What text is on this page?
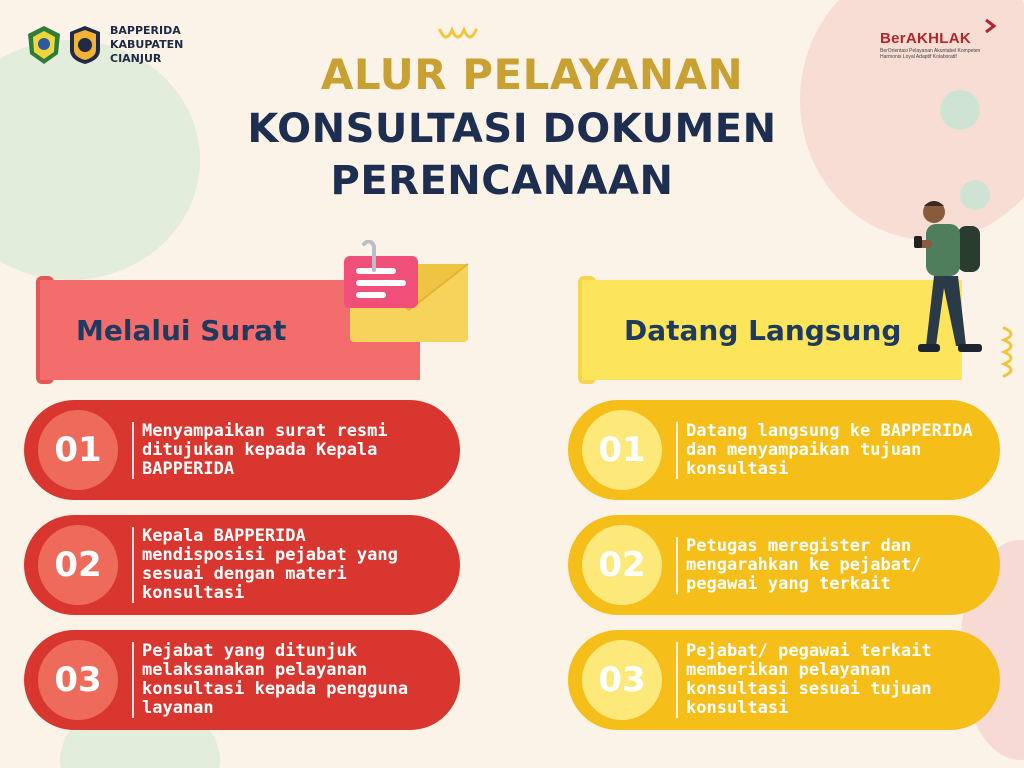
BAPPERIDA
KABUPATEN
CIANJUR
BerAKHLAK
BerOrientasi Pelayanan Akuntabel Kompeten Harmonis Loyal Adaptif Kolaboratif
ALUR PELAYANAN
KONSULTASI DOKUMEN
PERENCANAAN
Melalui Surat	Datang Langsung
01	Menyampaikan surat resmi ditujukan kepada Kepala BAPPERIDA
02
Kepala BAPPERIDA mendisposisi pejabat yang sesuai dengan materi konsultasi
03
Pejabat yang ditunjuk melaksanakan pelayanan konsultasi kepada pengguna layanan
01	Datang langsung ke BAPPERIDA dan menyampaikan tujuan konsultasi
02	Petugas meregister dan mengarahkan ke pejabat/ pegawai yang terkait
03
Pejabat/ pegawai terkait memberikan pelayanan konsultasi sesuai tujuan konsultasi
